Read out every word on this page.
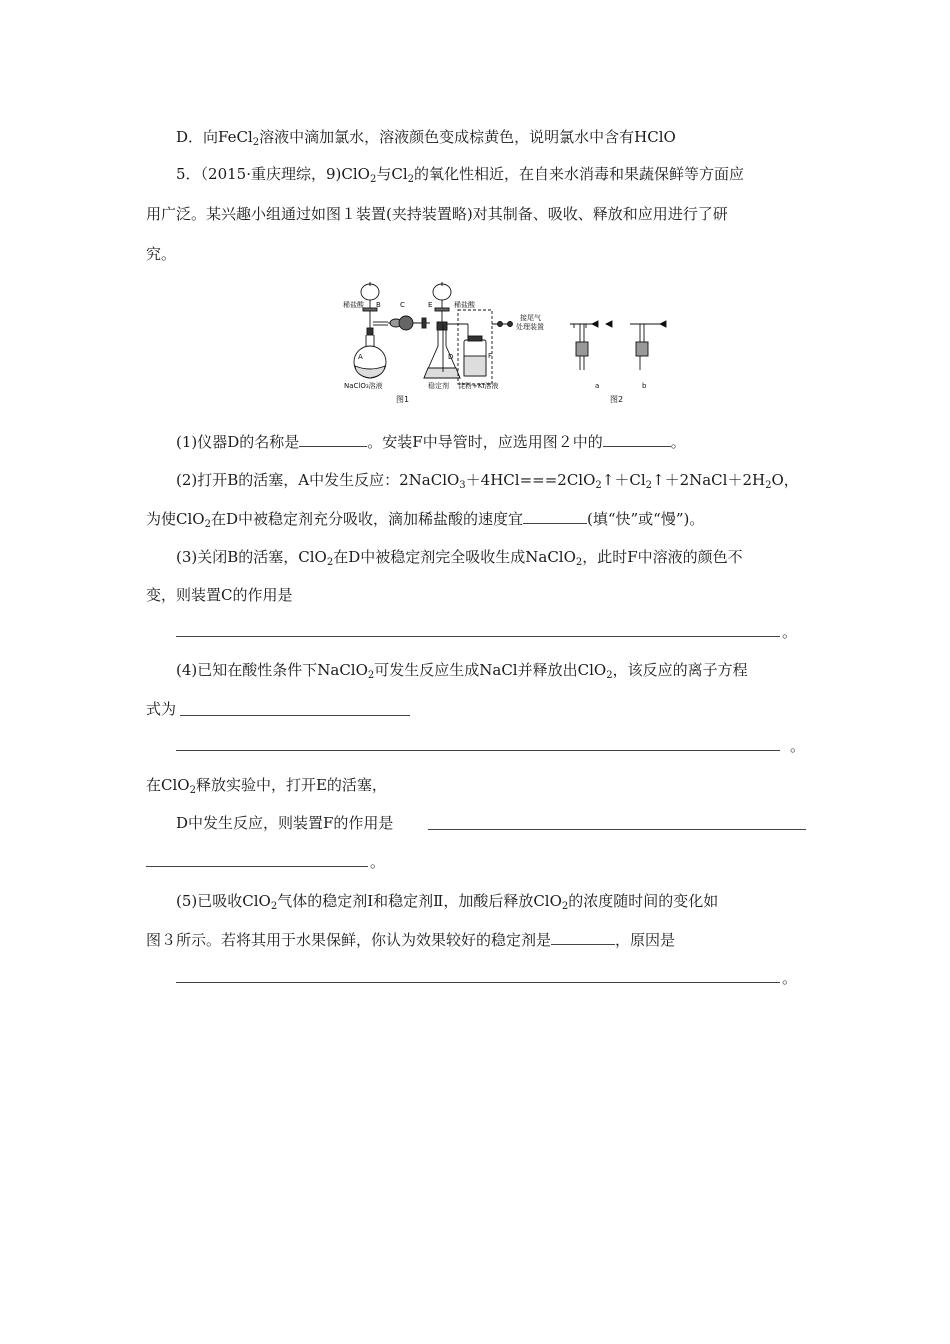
D．向FeCl$_2$溶液中滴加氯水，溶液颜色变成棕黄色，说明氯水中含有HClO
5．（2015·重庆理综，9)ClO$_2$与$Cl_2$的氧化性相近，在自来水消毒和果蔬保鲜等方面应
用广泛。某兴趣小组通过如图１装置(夹持装置略)对其制备、吸收、释放和应用进行了研
究。
稀盐酸 B	C	E	稀盐酸
A	D	F
NaClO₃溶液	稳定剂 淀粉+KI溶液
接尾气
处理装置
a	b
图1	图2
(1)仪器D的名称是	。安装F中导管时，应选用图２中的	。
(2)打开B的活塞，A中发生反应：$2NaClO_3+4HCl===2ClO_2↑+Cl_2↑+2NaCl+2H_2O$，
为使ClO$_2$在D中被稳定剂充分吸收，滴加稀盐酸的速度宜	(填“快”或“慢”)。
(3)关闭B的活塞，ClO$_2$在D中被稳定剂完全吸收生成NaClO$_2$，此时F中溶液的颜色不
变，则装置C的作用是
。
(4)已知在酸性条件下NaClO$_2$可发生反应生成NaCl并释放出ClO$_2$，该反应的离子方程
式为
。
在ClO$_2$释放实验中，打开E的活塞，
D中发生反应，则装置F的作用是
。
(5)已吸收ClO$_2$气体的稳定剂Ⅰ和稳定剂Ⅱ，加酸后释放ClO$_2$的浓度随时间的变化如
图３所示。若将其用于水果保鲜，你认为效果较好的稳定剂是	，原因是
。
